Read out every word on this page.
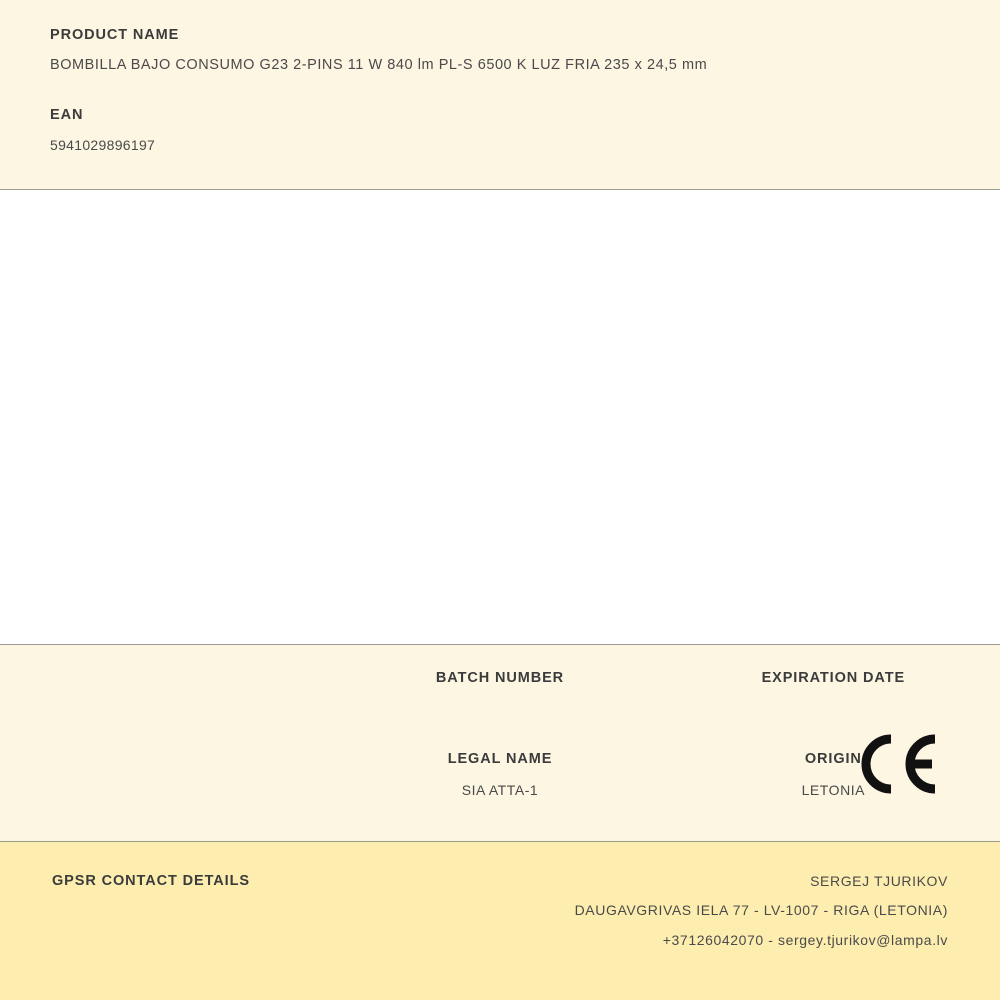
PRODUCT NAME
BOMBILLA BAJO CONSUMO G23 2-PINS 11 W 840 lm PL-S 6500 K LUZ FRIA 235 x 24,5 mm
EAN
5941029896197
BATCH NUMBER	EXPIRATION DATE
LEGAL NAME	ORIGIN
SIA ATTA-1	LETONIA
GPSR CONTACT DETAILS	SERGEJ TJURIKOV
DAUGAVGRIVAS IELA 77 - LV-1007 - RIGA (LETONIA)
+37126042070 - sergey.tjurikov@lampa.lv
